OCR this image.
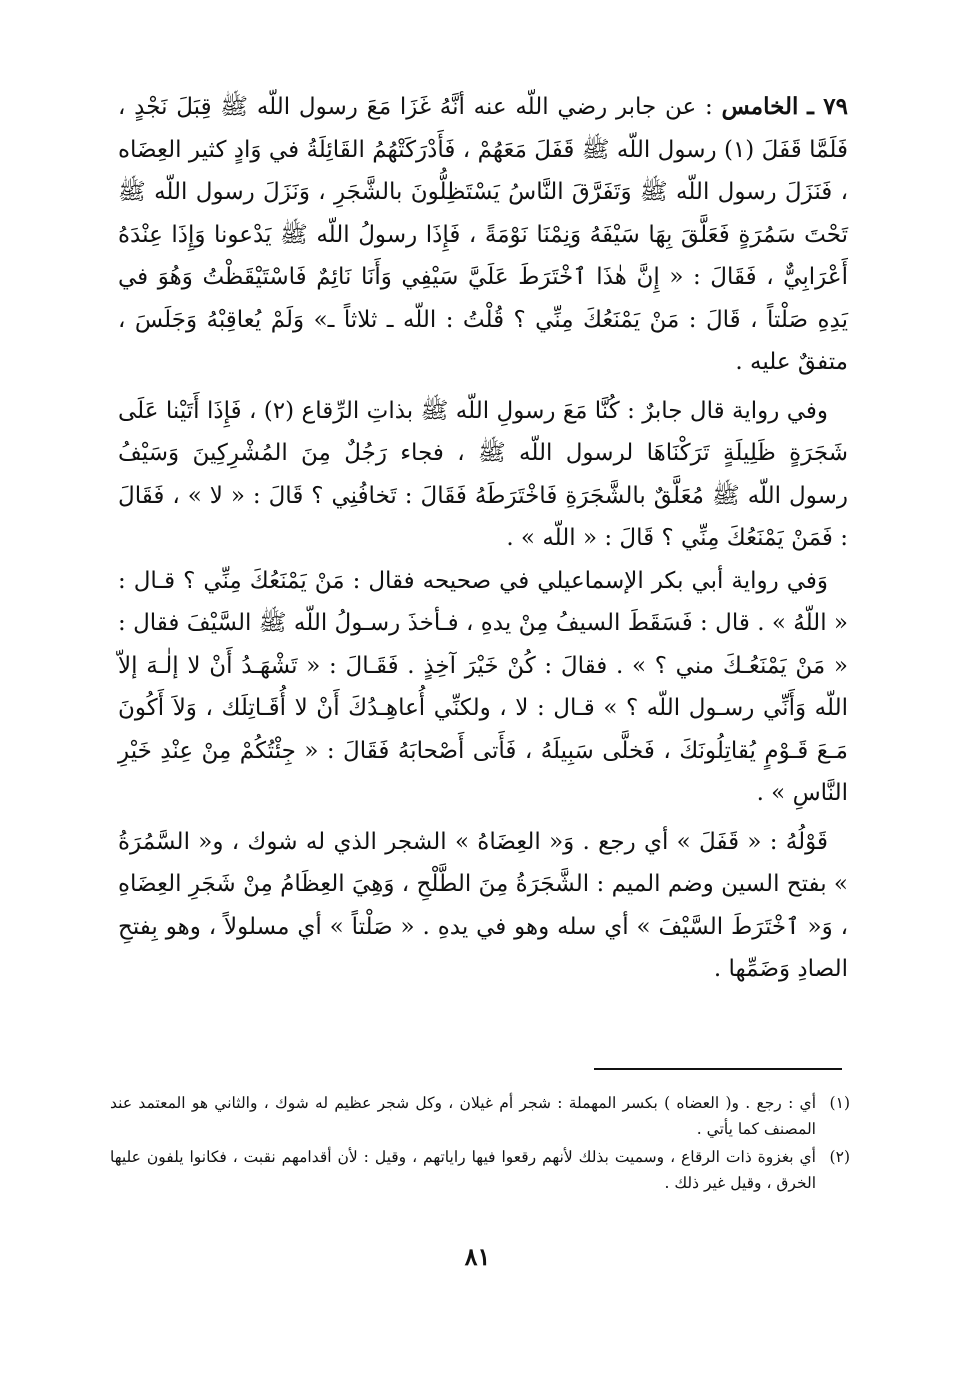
٧٩ ـ الخامس : عن جابر رضي اللّه عنه أنَّهُ غَزَا مَعَ رسول اللّه ﷺ قِبَلَ نَجْدٍ ، فَلَمَّا قَفَلَ (١) رسول اللّه ﷺ قَفَلَ مَعَهُمْ ، فَأَدْرَكَتْهُمُ القَائِلَةُ في وَادٍ كثير العِضَاه ، فَنَزَلَ رسول اللّه ﷺ وَتَفَرَّقَ النَّاسُ يَسْتَظِلُّونَ بالشَّجَرِ ، وَنَزَلَ رسول اللّه ﷺ تَحْتَ سَمُرَةٍ فَعَلَّقَ بِهَا سَيْفَهُ وَنِمْنَا نَوْمَةً ، فَإِذَا رسولُ اللّه ﷺ يَدْعونا وَإِذَا عِنْدَهُ أَعْرَابِيٌّ ، فَقَالَ : « إِنَّ هٰذَا ٱخْتَرَطَ عَلَيَّ سَيْفِي وَأَنَا نَائِمٌ فَاسْتَيْقَظْتُ وَهُوَ في يَدِهِ صَلْتاً ، قَالَ : مَنْ يَمْنَعُكَ مِنِّي ؟ قُلْتُ : اللّه ـ ثلاثاً ـ» وَلَمْ يُعاقِبْهُ وَجَلَسَ ، متفقٌ عليه .

وفي رواية قال جابرٌ : كُنَّا مَعَ رسولِ اللّه ﷺ بذاتِ الرِّقاع (٢) ، فَإِذَا أَتَيْنا عَلَى شَجَرَةٍ ظَلِيلَةٍ تَرَكْنَاهَا لرسول اللّه ﷺ ، فجاء رَجُلٌ مِنَ المُشْرِكِينَ وَسَيْفُ رسول اللّه ﷺ مُعَلَّقٌ بالشَّجَرَةِ فَاخْتَرَطَهُ فَقَالَ : تَخافُنِي ؟ قَالَ : « لا » ، فَقَالَ : فَمَنْ يَمْنَعُكَ مِنِّي ؟ قَالَ : « اللّه » .

وَفي رواية أبي بكر الإسماعيلي في صحيحه فقال : مَنْ يَمْنَعُكَ مِنِّي ؟ قـال : « اللّهُ » . قال : فَسَقَطَ السيفُ مِنْ يدهِ ، فـأخذَ رسـولُ اللّه ﷺ السَّيْفَ فقال : « مَنْ يَمْنَعُـكَ مني ؟ » . فقالَ : كُنْ خَيْرَ آخِذٍ . فَقَـالَ : « تَشْهَـدُ أَنْ لا إلٰـهَ إلاّ اللّه وَأَنِّي رسـول اللّه ؟ » قـال : لا ، ولكنِّي أُعاهِـدُكَ أَنْ لا أُقَـاتِلَك ، وَلاَ أَكُونَ مَـعَ قَـوْمٍ يُقاتِلُونَكَ ، فَخلَّى سَبِيلَهُ ، فَأَتى أَصْحابَهُ فَقَالَ : « جِئْتُكُمْ مِنْ عِنْدِ خَيْرِ النَّاسِ » .

قَوْلُهُ : « قَفَلَ » أي رجع . وَ« العِضَاهُ » الشجر الذي له شوك ، و« السَّمُرَةُ » بفتح السين وضم الميم : الشَّجَرَةُ مِنَ الطَّلْحِ ، وَهِيَ العِظَامُ مِنْ شَجَرِ العِضَاهِ ، وَ« ٱخْتَرَطَ السَّيْفَ » أي سله وهو في يدهِ . « صَلْتاً » أي مسلولاً ، وهو بِفتحِ الصادِ وَضَمِّها .

(١)
أي : رجع . و( العضاه ) بكسر المهملة : شجر أم غيلان ، وكل شجر عظيم له شوك ، والثاني هو المعتمد عند المصنف كما يأتي .

(٢)
أي بغزوة ذات الرقاع ، وسميت بذلك لأنهم رقعوا فيها راياتهم ، وقيل : لأن أقدامهم نقبت ، فكانوا يلفون عليها الخرق ، وقيل غير ذلك .

٨١
